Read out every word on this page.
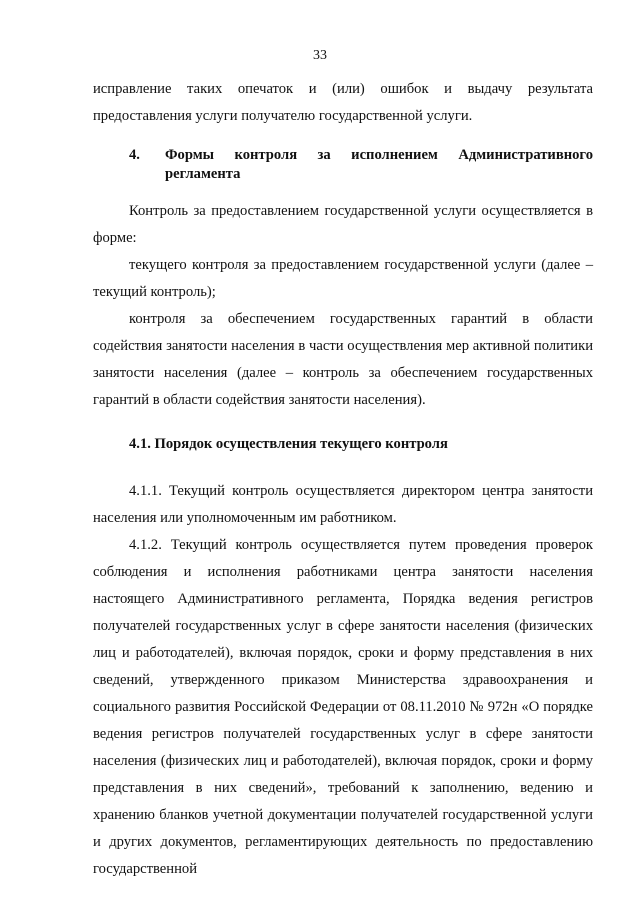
33

исправление таких опечаток и (или) ошибок и выдачу результата предоставления услуги получателю государственной услуги.

4.	Формы контроля за исполнением Административного регламента

Контроль за предоставлением государственной услуги осуществляется в форме:

текущего контроля за предоставлением государственной услуги (далее – текущий контроль);

контроля за обеспечением государственных гарантий в области содействия занятости населения в части осуществления мер активной политики занятости населения (далее – контроль за обеспечением государственных гарантий в области содействия занятости населения).

4.1. Порядок осуществления текущего контроля

4.1.1. Текущий контроль осуществляется директором центра занятости населения или уполномоченным им работником.

4.1.2. Текущий контроль осуществляется путем проведения проверок соблюдения и исполнения работниками центра занятости населения настоящего Административного регламента, Порядка ведения регистров получателей государственных услуг в сфере занятости населения (физических лиц и работодателей), включая порядок, сроки и форму представления в них сведений, утвержденного приказом Министерства здравоохранения и социального развития Российской Федерации от 08.11.2010 № 972н «О порядке ведения регистров получателей государственных услуг в сфере занятости населения (физических лиц и работодателей), включая порядок, сроки и форму представления в них сведений», требований к заполнению, ведению и хранению бланков учетной документации получателей государственной услуги и других документов, регламентирующих деятельность по предоставлению государственной
